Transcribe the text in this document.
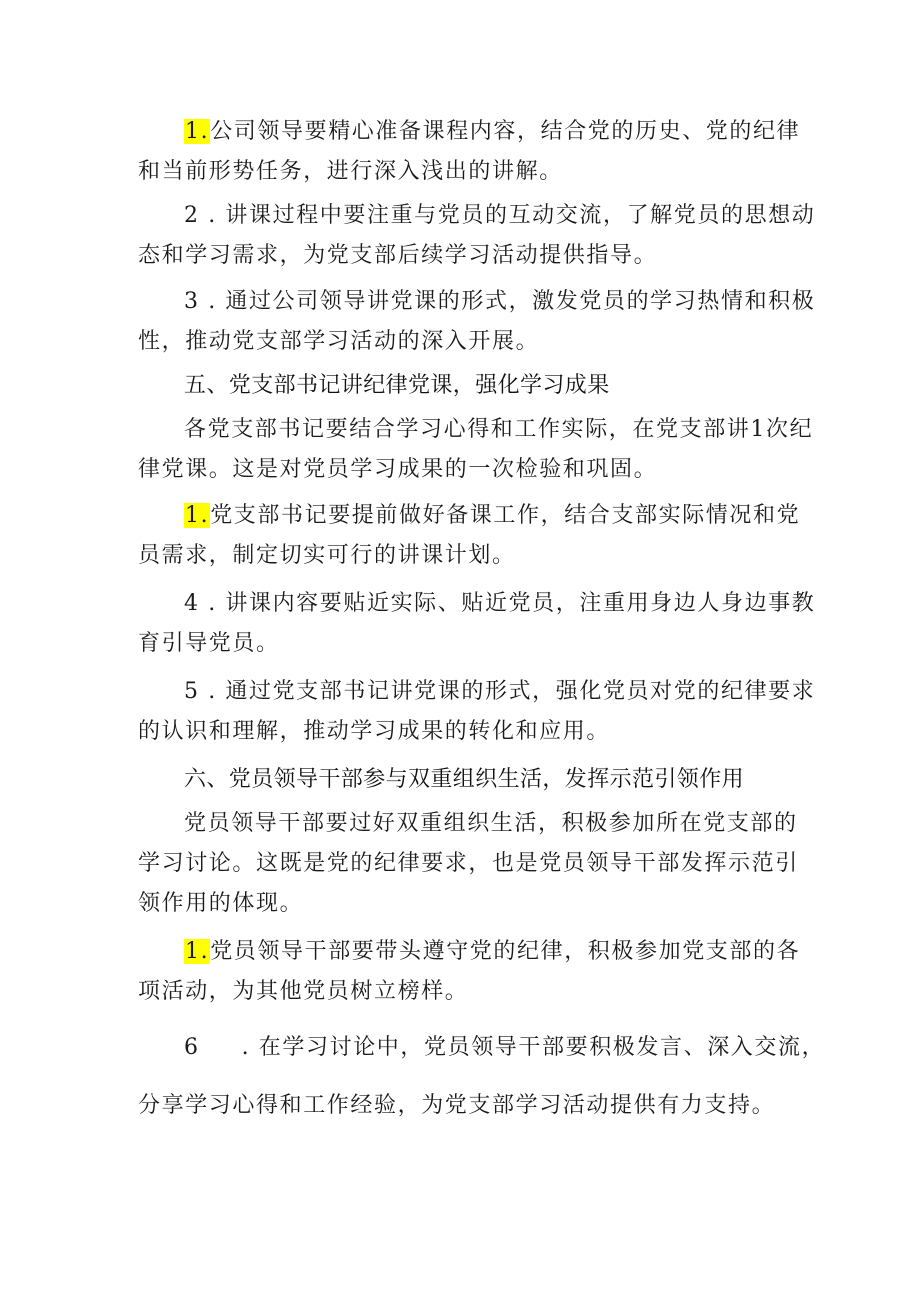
1.公司领导要精心准备课程内容，结合党的历史、党的纪律
和当前形势任务，进行深入浅出的讲解。
2 . 讲课过程中要注重与党员的互动交流，了解党员的思想动
态和学习需求，为党支部后续学习活动提供指导。
3 . 通过公司领导讲党课的形式，激发党员的学习热情和积极
性，推动党支部学习活动的深入开展。

五、党支部书记讲纪律党课，强化学习成果

各党支部书记要结合学习心得和工作实际，在党支部讲1次纪
律党课。这是对党员学习成果的一次检验和巩固。
1.党支部书记要提前做好备课工作，结合支部实际情况和党
员需求，制定切实可行的讲课计划。
4 . 讲课内容要贴近实际、贴近党员，注重用身边人身边事教
育引导党员。
5 . 通过党支部书记讲党课的形式，强化党员对党的纪律要求
的认识和理解，推动学习成果的转化和应用。

六、党员领导干部参与双重组织生活，发挥示范引领作用

党员领导干部要过好双重组织生活，积极参加所在党支部的
学习讨论。这既是党的纪律要求，也是党员领导干部发挥示范引
领作用的体现。
1.党员领导干部要带头遵守党的纪律，积极参加党支部的各
项活动，为其他党员树立榜样。
6 . 在学习讨论中，党员领导干部要积极发言、深入交流，
分享学习心得和工作经验，为党支部学习活动提供有力支持。
